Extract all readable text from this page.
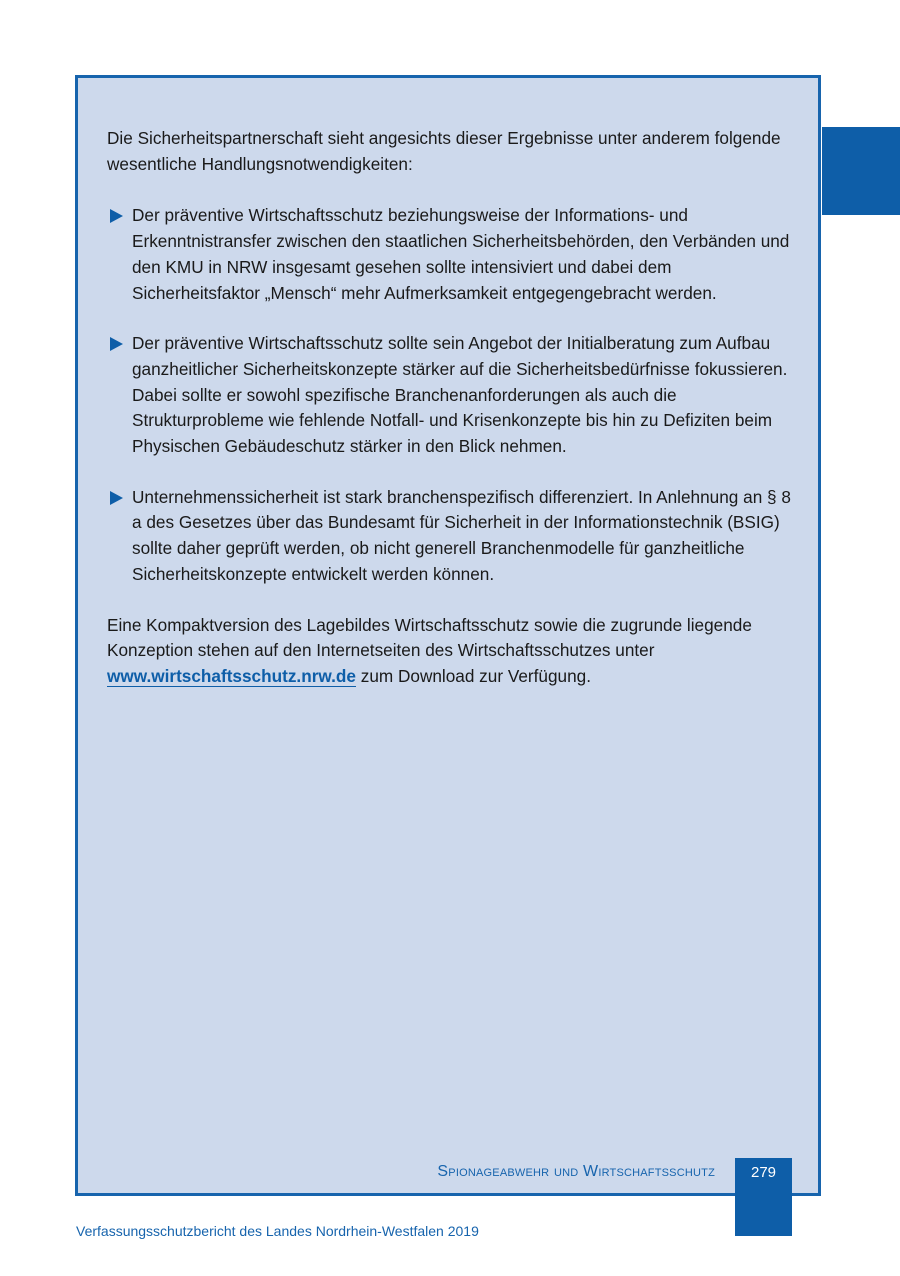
Die Sicherheitspartnerschaft sieht angesichts dieser Ergebnisse unter anderem folgende wesentliche Handlungsnotwendigkeiten:

Der präventive Wirtschaftsschutz beziehungsweise der Informations- und Erkenntnistransfer zwischen den staatlichen Sicherheitsbehörden, den Verbänden und den KMU in NRW insgesamt gesehen sollte intensiviert und dabei dem Sicherheitsfaktor „Mensch“ mehr Aufmerksamkeit entgegengebracht werden.

Der präventive Wirtschaftsschutz sollte sein Angebot der Initialberatung zum Aufbau ganzheitlicher Sicherheitskonzepte stärker auf die Sicherheitsbedürfnisse fokussieren. Dabei sollte er sowohl spezifische Branchenanforderungen als auch die Strukturprobleme wie fehlende Notfall- und Krisenkonzepte bis hin zu Defiziten beim Physischen Gebäudeschutz stärker in den Blick nehmen.

Unternehmenssicherheit ist stark branchenspezifisch differenziert. In Anlehnung an § 8 a des Gesetzes über das Bundesamt für Sicherheit in der Informationstechnik (BSIG) sollte daher geprüft werden, ob nicht generell Branchenmodelle für ganzheitliche Sicherheitskonzepte entwickelt werden können.

Eine Kompaktversion des Lagebildes Wirtschaftsschutz sowie die zugrunde liegende Konzeption stehen auf den Internetseiten des Wirtschaftsschutzes unter www.wirtschaftsschutz.nrw.de zum Download zur Verfügung.

Spionageabwehr und Wirtschaftsschutz	279
Verfassungsschutzbericht des Landes Nordrhein-Westfalen 2019
